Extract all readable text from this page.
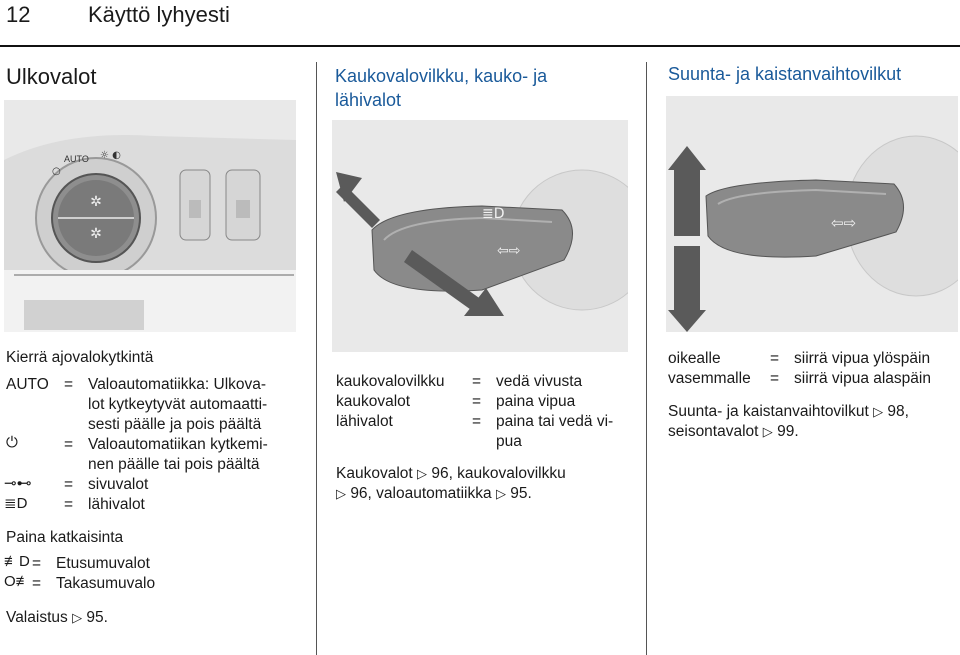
12	Käyttö lyhyesti
Ulkovalot
✲
✲
○
AUTO ☼ ◐
Kierrä ajovalokytkintä
AUTO = Valoautomatiikka: Ulkova-
lot kytkeytyvät automaatti-
sesti päälle ja pois päältä
⏻	= Valoautomatiikan kytkemi-
nen päälle tai pois päältä
⊸⊷ = sivuvalot
≣D = lähivalot
Paina katkaisinta
≢D = Etusumuvalot
O≢ = Takasumuvalo
Valaistus ▷ 95.
Kaukovalovilkku, kauko- ja
lähivalot
≣D
⇦⇨
kaukovalovilkku = vedä vivusta
kaukovalot	= paina vipua
lähivalot	= paina tai vedä vi-
pua
Kaukovalot ▷ 96, kaukovalovilkku
▷ 96, valoautomatiikka ▷ 95.
Suunta- ja kaistanvaihtovilkut
⇦⇨
oikealle	= siirrä vipua ylöspäin
vasemmalle = siirrä vipua alaspäin
Suunta- ja kaistanvaihtovilkut ▷ 98,
seisontavalot ▷ 99.
